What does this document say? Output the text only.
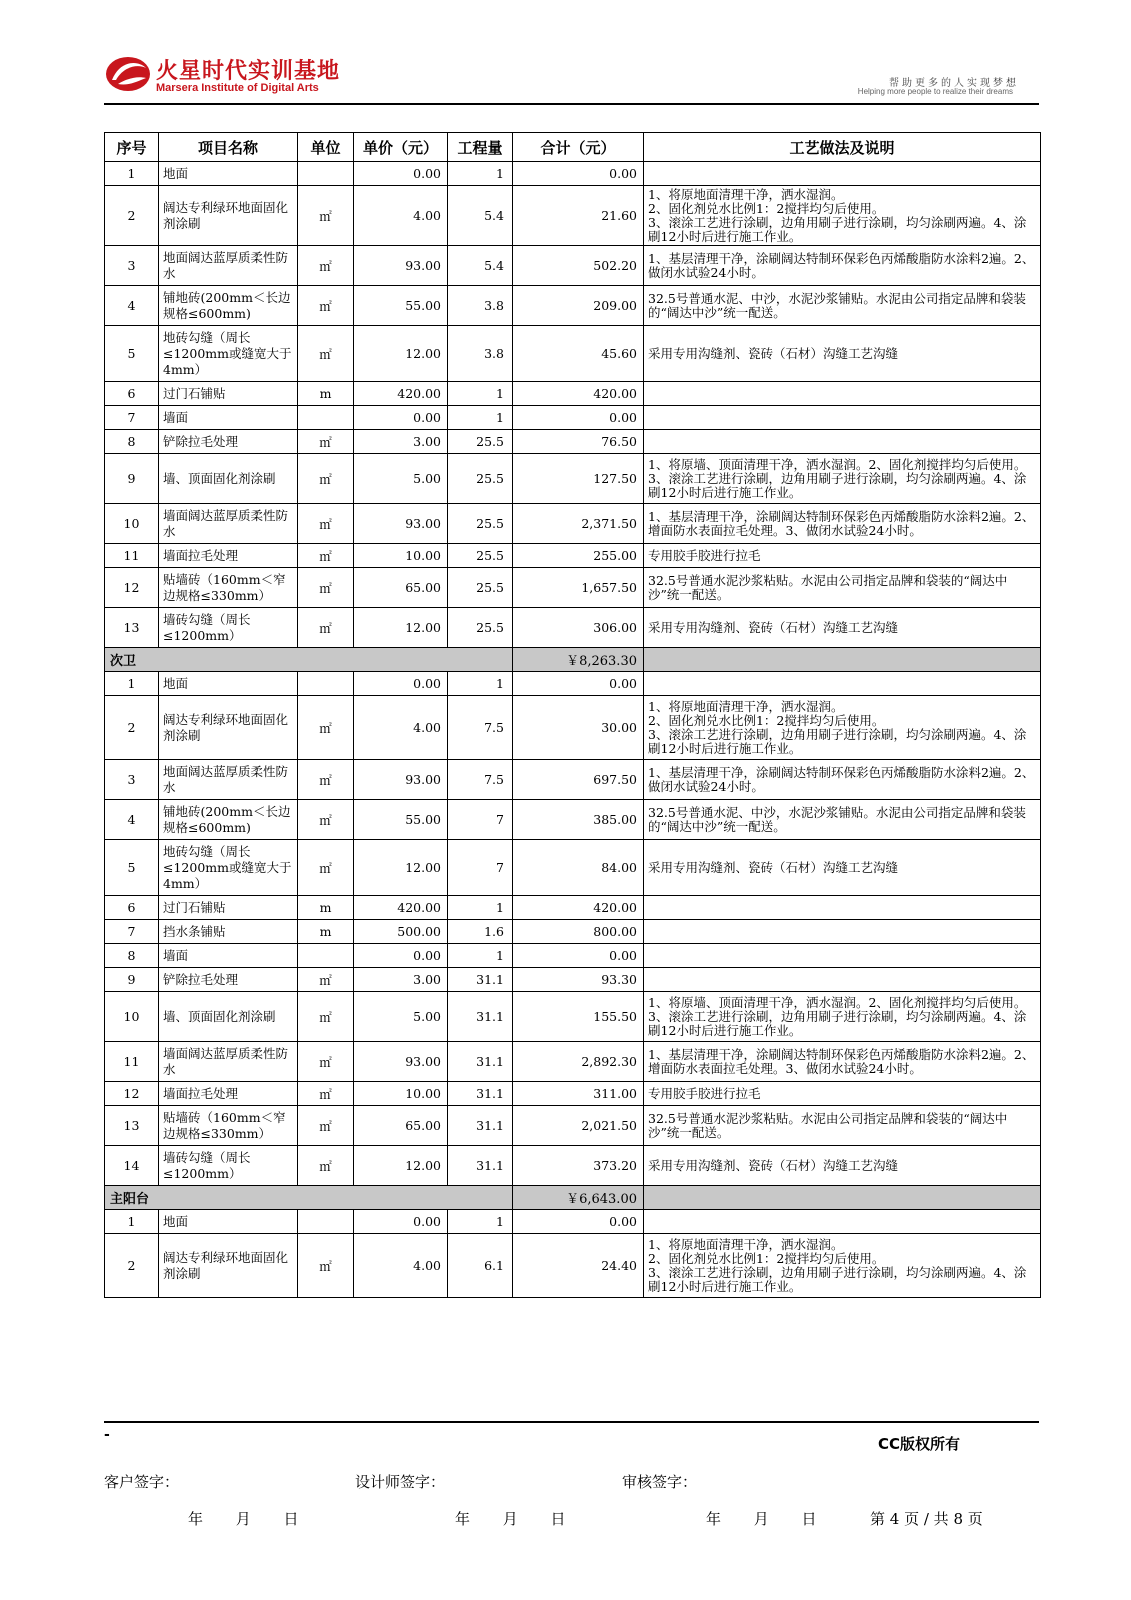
火星时代实训基地
Marsera Institute of Digital Arts	帮助更多的人实现梦想
Helping more people to realize their dreams
序号	项目名称	单位	单价（元）	工程量	合计（元）	工艺做法及说明
1	地面		0.00	1	0.00	
2	阔达专利绿环地面固化剂涂刷	㎡	4.00	5.4	21.60	1、将原地面清理干净，洒水湿润。
2、固化剂兑水比例1：2搅拌均匀后使用。
3、滚涂工艺进行涂刷，边角用刷子进行涂刷，均匀涂刷两遍。4、涂刷12小时后进行施工作业。
3	地面阔达蓝厚质柔性防水	㎡	93.00	5.4	502.20	1、基层清理干净，涂刷阔达特制环保彩色丙烯酸脂防水涂料2遍。2、做闭水试验24小时。
4	铺地砖(200mm＜长边规格≤600mm)	㎡	55.00	3.8	209.00	32.5号普通水泥、中沙，水泥沙浆铺贴。水泥由公司指定品牌和袋装的“阔达中沙”统一配送。
5	地砖勾缝（周长≤1200mm或缝宽大于4mm）	㎡	12.00	3.8	45.60	采用专用沟缝剂、瓷砖（石材）沟缝工艺沟缝
6	过门石铺贴	m	420.00	1	420.00	
7	墙面		0.00	1	0.00	
8	铲除拉毛处理	㎡	3.00	25.5	76.50	
9	墙、顶面固化剂涂刷	㎡	5.00	25.5	127.50	1、将原墙、顶面清理干净，洒水湿润。2、固化剂搅拌均匀后使用。3、滚涂工艺进行涂刷，边角用刷子进行涂刷，均匀涂刷两遍。4、涂刷12小时后进行施工作业。
10	墙面阔达蓝厚质柔性防水	㎡	93.00	25.5	2,371.50	1、基层清理干净，涂刷阔达特制环保彩色丙烯酸脂防水涂料2遍。2、增面防水表面拉毛处理。3、做闭水试验24小时。
11	墙面拉毛处理	㎡	10.00	25.5	255.00	专用胶手胶进行拉毛
12	贴墙砖（160mm＜窄边规格≤330mm）	㎡	65.00	25.5	1,657.50	32.5号普通水泥沙浆粘贴。水泥由公司指定品牌和袋装的“阔达中沙”统一配送。
13	墙砖勾缝（周长≤1200mm）	㎡	12.00	25.5	306.00	采用专用沟缝剂、瓷砖（石材）沟缝工艺沟缝
次卫					￥8,263.30	
1	地面		0.00	1	0.00	
2	阔达专利绿环地面固化剂涂刷	㎡	4.00	7.5	30.00	1、将原地面清理干净，洒水湿润。
2、固化剂兑水比例1：2搅拌均匀后使用。
3、滚涂工艺进行涂刷，边角用刷子进行涂刷，均匀涂刷两遍。4、涂刷12小时后进行施工作业。
3	地面阔达蓝厚质柔性防水	㎡	93.00	7.5	697.50	1、基层清理干净，涂刷阔达特制环保彩色丙烯酸脂防水涂料2遍。2、做闭水试验24小时。
4	铺地砖(200mm＜长边规格≤600mm)	㎡	55.00	7	385.00	32.5号普通水泥、中沙，水泥沙浆铺贴。水泥由公司指定品牌和袋装的“阔达中沙”统一配送。
5	地砖勾缝（周长≤1200mm或缝宽大于4mm）	㎡	12.00	7	84.00	采用专用沟缝剂、瓷砖（石材）沟缝工艺沟缝
6	过门石铺贴	m	420.00	1	420.00	
7	挡水条铺贴	m	500.00	1.6	800.00	
8	墙面		0.00	1	0.00	
9	铲除拉毛处理	㎡	3.00	31.1	93.30	
10	墙、顶面固化剂涂刷	㎡	5.00	31.1	155.50	1、将原墙、顶面清理干净，洒水湿润。2、固化剂搅拌均匀后使用。3、滚涂工艺进行涂刷，边角用刷子进行涂刷，均匀涂刷两遍。4、涂刷12小时后进行施工作业。
11	墙面阔达蓝厚质柔性防水	㎡	93.00	31.1	2,892.30	1、基层清理干净，涂刷阔达特制环保彩色丙烯酸脂防水涂料2遍。2、增面防水表面拉毛处理。3、做闭水试验24小时。
12	墙面拉毛处理	㎡	10.00	31.1	311.00	专用胶手胶进行拉毛
13	贴墙砖（160mm＜窄边规格≤330mm）	㎡	65.00	31.1	2,021.50	32.5号普通水泥沙浆粘贴。水泥由公司指定品牌和袋装的“阔达中沙”统一配送。
14	墙砖勾缝（周长≤1200mm）	㎡	12.00	31.1	373.20	采用专用沟缝剂、瓷砖（石材）沟缝工艺沟缝
主阳台					￥6,643.00	
1	地面		0.00	1	0.00	
2	阔达专利绿环地面固化剂涂刷	㎡	4.00	6.1	24.40	1、将原地面清理干净，洒水湿润。
2、固化剂兑水比例1：2搅拌均匀后使用。
3、滚涂工艺进行涂刷，边角用刷子进行涂刷，均匀涂刷两遍。4、涂刷12小时后进行施工作业。
-	CC版权所有
客户签字：	设计师签字：	审核签字：
年 月 日	年 月 日	年 月 日	第 4 页 / 共 8 页
